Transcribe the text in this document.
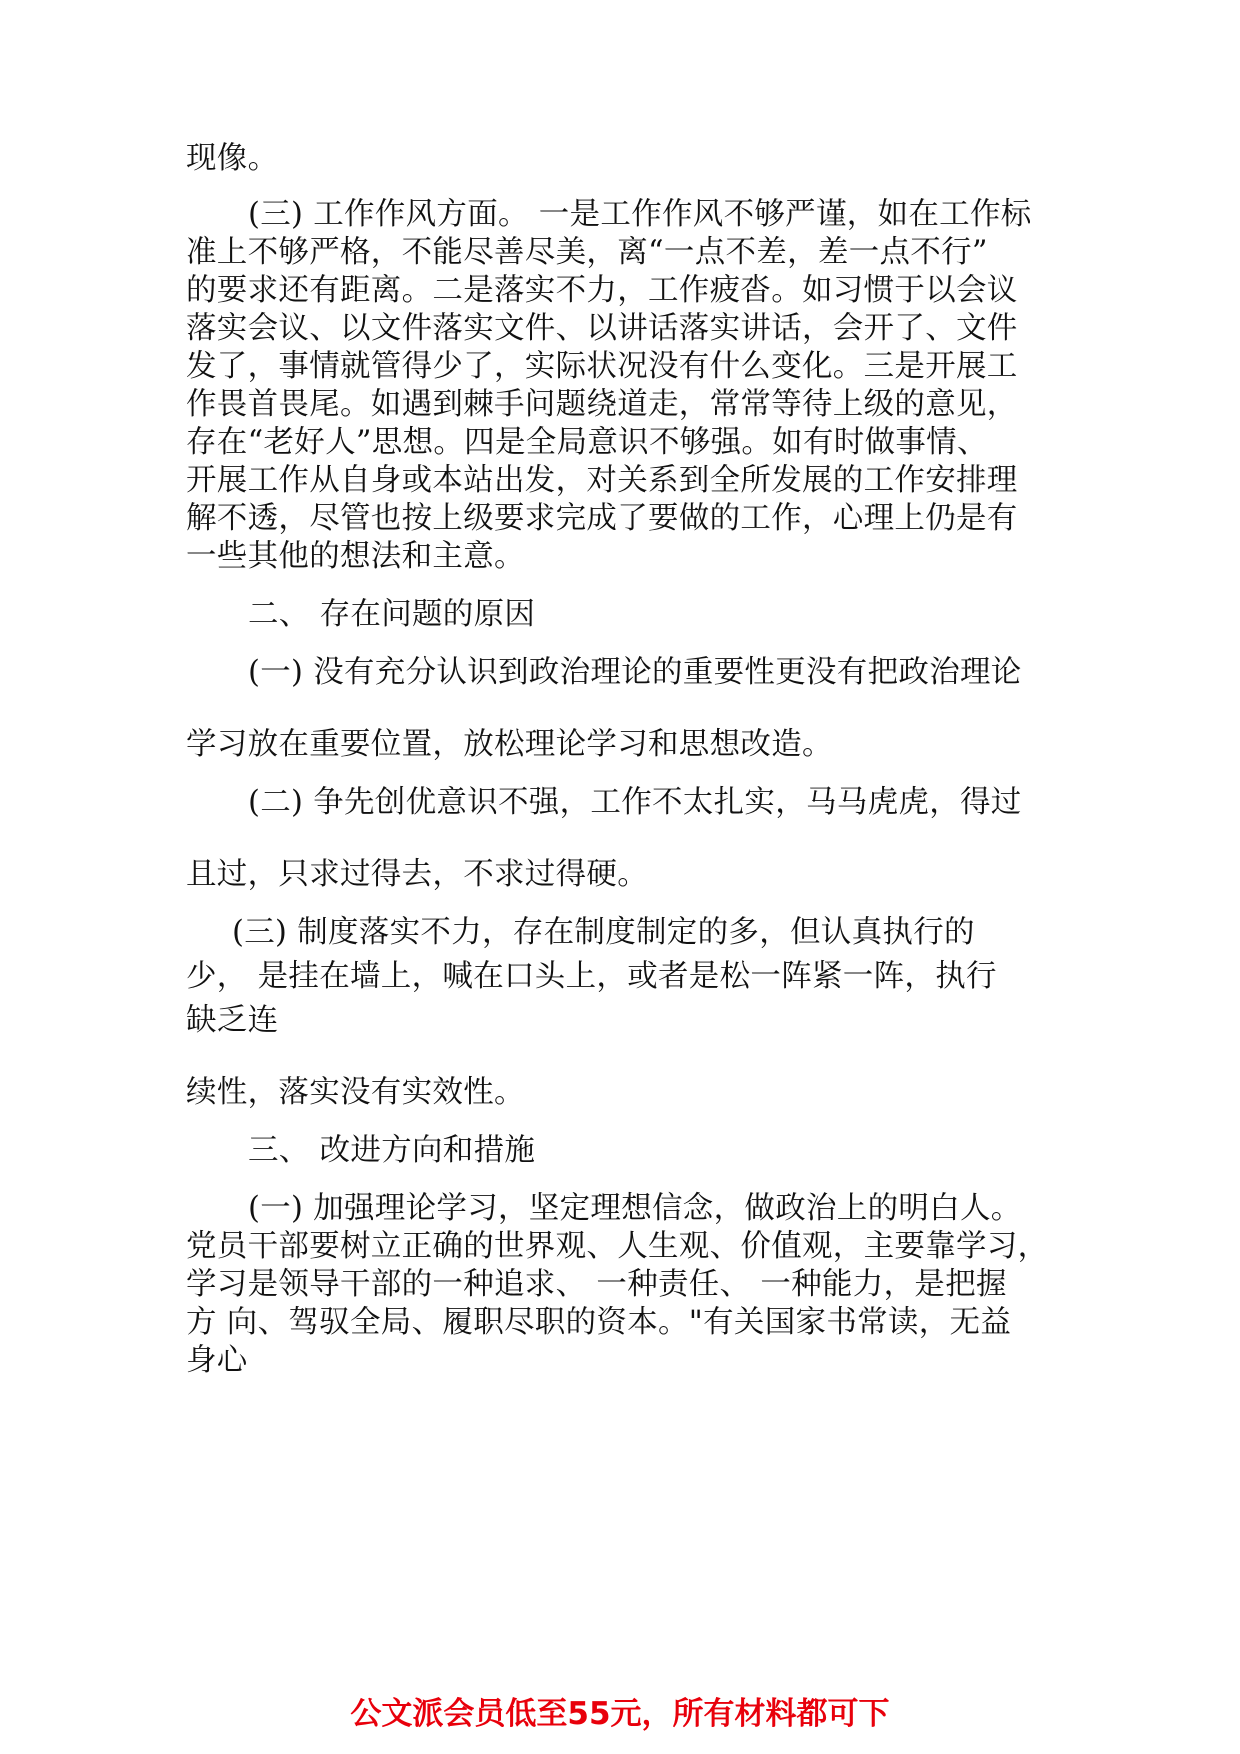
现像。
(三) 工作作风方面。 一是工作作风不够严谨，如在工作标
准上不够严格，不能尽善尽美，离“一点不差，差一点不行”
的要求还有距离。二是落实不力，工作疲沓。如习惯于以会议
落实会议、以文件落实文件、以讲话落实讲话，会开了、文件
发了，事情就管得少了，实际状况没有什么变化。三是开展工
作畏首畏尾。如遇到棘手问题绕道走，常常等待上级的意见，
存在“老好人”思想。四是全局意识不够强。如有时做事情、
开展工作从自身或本站出发，对关系到全所发展的工作安排理
解不透，尽管也按上级要求完成了要做的工作，心理上仍是有
一些其他的想法和主意。
二、 存在问题的原因
(一) 没有充分认识到政治理论的重要性更没有把政治理论
学习放在重要位置，放松理论学习和思想改造。
(二) 争先创优意识不强，工作不太扎实，马马虎虎，得过
且过，只求过得去，不求过得硬。
(三) 制度落实不力，存在制度制定的多，但认真执行的
少， 是挂在墙上，喊在口头上，或者是松一阵紧一阵，执行
缺乏连
续性，落实没有实效性。
三、 改进方向和措施
(一) 加强理论学习，坚定理想信念，做政治上的明白人。
党员干部要树立正确的世界观、人生观、价值观，主要靠学习，
学习是领导干部的一种追求、 一种责任、 一种能力，是把握
方 向、驾驭全局、履职尽职的资本。"有关国家书常读，无益
身心
公文派会员低至55元，所有材料都可下
